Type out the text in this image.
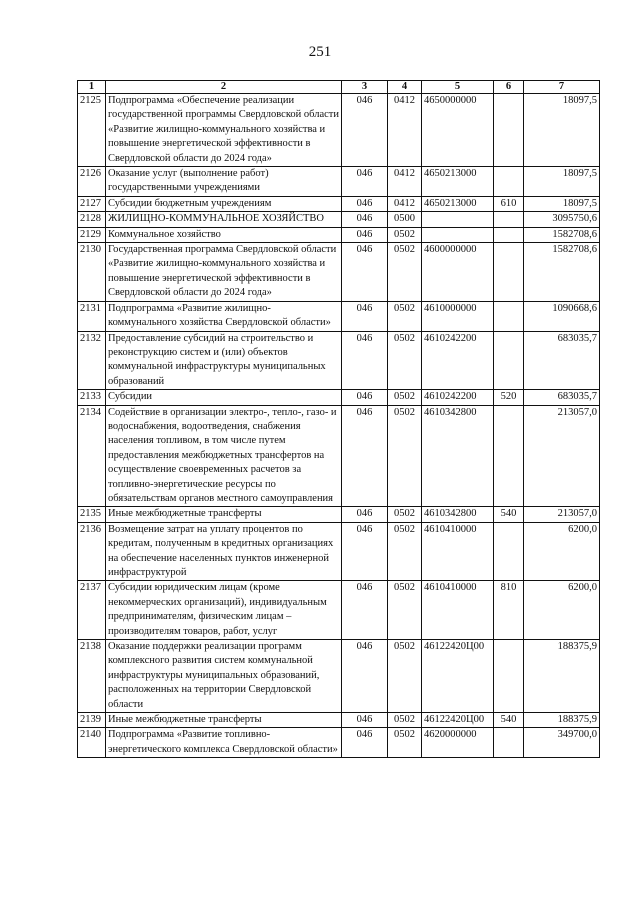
251
1	2	3	4	5	6	7
2125	Подпрограмма «Обеспечение реализации государственной программы Свердловской области «Развитие жилищно-коммунального хозяйства и повышение энергетической эффективности в Свердловской области до 2024 года»	046	0412	4650000000		18097,5
2126	Оказание услуг (выполнение работ) государственными учреждениями	046	0412	4650213000		18097,5
2127	Субсидии бюджетным учреждениям	046	0412	4650213000	610	18097,5
2128	ЖИЛИЩНО-КОММУНАЛЬНОЕ ХОЗЯЙСТВО	046	0500			3095750,6
2129	Коммунальное хозяйство	046	0502			1582708,6
2130	Государственная программа Свердловской области «Развитие жилищно-коммунального хозяйства и повышение энергетической эффективности в Свердловской области до 2024 года»	046	0502	4600000000		1582708,6
2131	Подпрограмма «Развитие жилищно-коммунального хозяйства Свердловской области»	046	0502	4610000000		1090668,6
2132	Предоставление субсидий на строительство и реконструкцию систем и (или) объектов коммунальной инфраструктуры муниципальных образований	046	0502	4610242200		683035,7
2133	Субсидии	046	0502	4610242200	520	683035,7
2134	Содействие в организации электро-, тепло-, газо- и водоснабжения, водоотведения, снабжения населения топливом, в том числе путем предоставления межбюджетных трансфертов на осуществление своевременных расчетов за топливно-энергетические ресурсы по обязательствам органов местного самоуправления	046	0502	4610342800		213057,0
2135	Иные межбюджетные трансферты	046	0502	4610342800	540	213057,0
2136	Возмещение затрат на уплату процентов по кредитам, полученным в кредитных организациях на обеспечение населенных пунктов инженерной инфраструктурой	046	0502	4610410000		6200,0
2137	Субсидии юридическим лицам (кроме некоммерческих организаций), индивидуальным предпринимателям, физическим лицам – производителям товаров, работ, услуг	046	0502	4610410000	810	6200,0
2138	Оказание поддержки реализации программ комплексного развития систем коммунальной инфраструктуры муниципальных образований, расположенных на территории Свердловской области	046	0502	46122420Ц00		188375,9
2139	Иные межбюджетные трансферты	046	0502	46122420Ц00	540	188375,9
2140	Подпрограмма «Развитие топливно-энергетического комплекса Свердловской области»	046	0502	4620000000		349700,0
